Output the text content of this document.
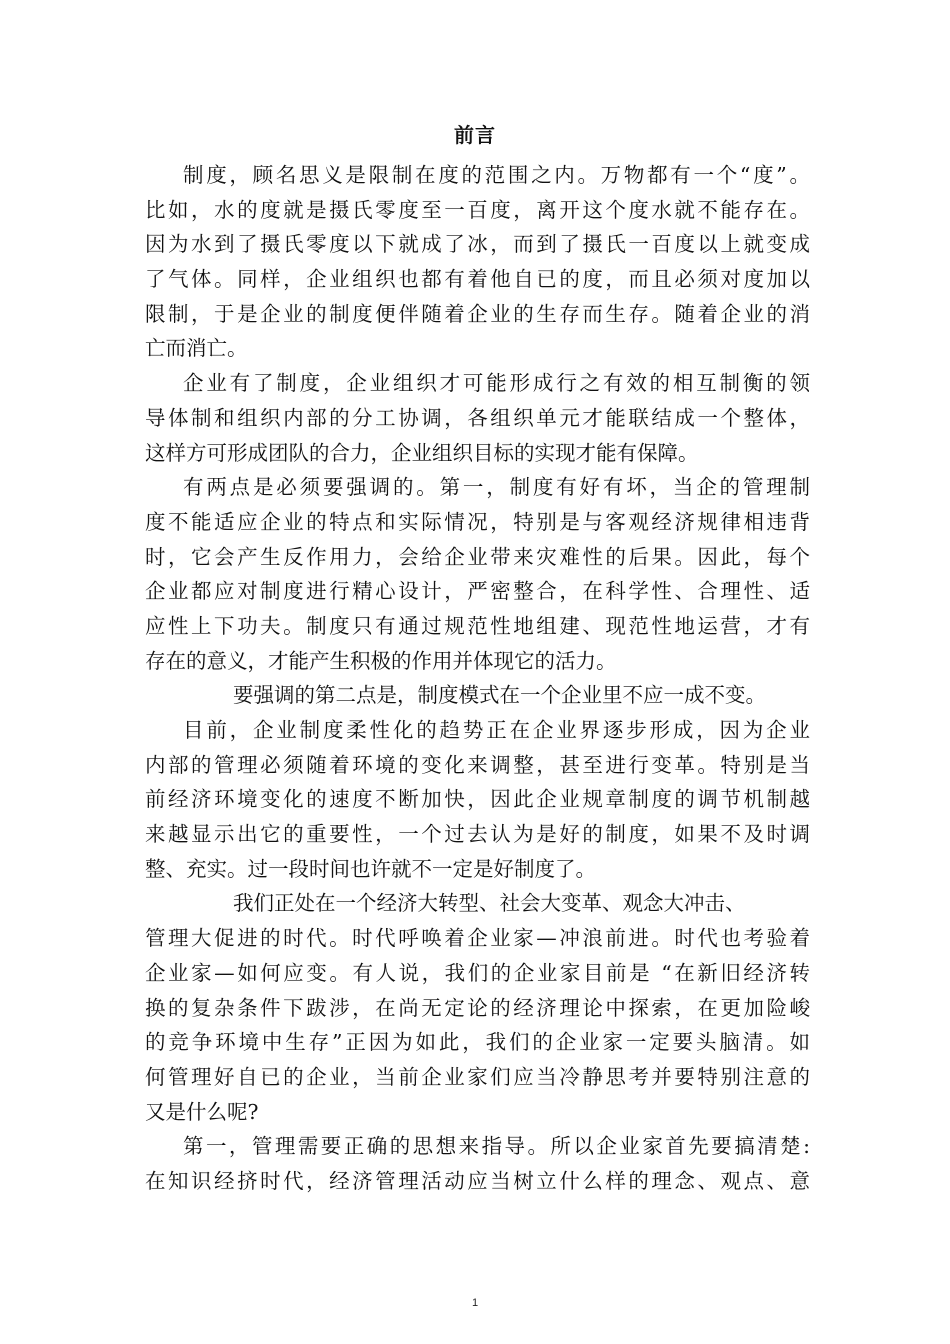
前言
制度，顾名思义是限制在度的范围之内。万物都有一个“度”。
比如，水的度就是摄氏零度至一百度，离开这个度水就不能存在。
因为水到了摄氏零度以下就成了冰，而到了摄氏一百度以上就变成
了气体。同样，企业组织也都有着他自已的度，而且必须对度加以
限制，于是企业的制度便伴随着企业的生存而生存。随着企业的消
亡而消亡。
企业有了制度，企业组织才可能形成行之有效的相互制衡的领
导体制和组织内部的分工协调，各组织单元才能联结成一个整体，
这样方可形成团队的合力，企业组织目标的实现才能有保障。
有两点是必须要强调的。第一，制度有好有坏，当企的管理制
度不能适应企业的特点和实际情况，特别是与客观经济规律相违背
时，它会产生反作用力，会给企业带来灾难性的后果。因此，每个
企业都应对制度进行精心设计，严密整合，在科学性、合理性、适
应性上下功夫。制度只有通过规范性地组建、现范性地运营，才有
存在的意义，才能产生积极的作用并体现它的活力。
要强调的第二点是，制度模式在一个企业里不应一成不变。
目前，企业制度柔性化的趋势正在企业界逐步形成，因为企业
内部的管理必须随着环境的变化来调整，甚至进行变革。特别是当
前经济环境变化的速度不断加快，因此企业规章制度的调节机制越
来越显示出它的重要性，一个过去认为是好的制度，如果不及时调
整、充实。过一段时间也许就不一定是好制度了。
我们正处在一个经济大转型、社会大变革、观念大冲击、
管理大促进的时代。时代呼唤着企业家—冲浪前进。时代也考验着
企业家—如何应变。有人说，我们的企业家目前是 “在新旧经济转
换的复杂条件下跋涉，在尚无定论的经济理论中探索，在更加险峻
的竞争环境中生存”正因为如此，我们的企业家一定要头脑清。如
何管理好自已的企业，当前企业家们应当冷静思考并要特别注意的
又是什么呢?
第一，管理需要正确的思想来指导。所以企业家首先要搞清楚:
在知识经挤时代，经济管理活动应当树立什么样的理念、观点、意
1
